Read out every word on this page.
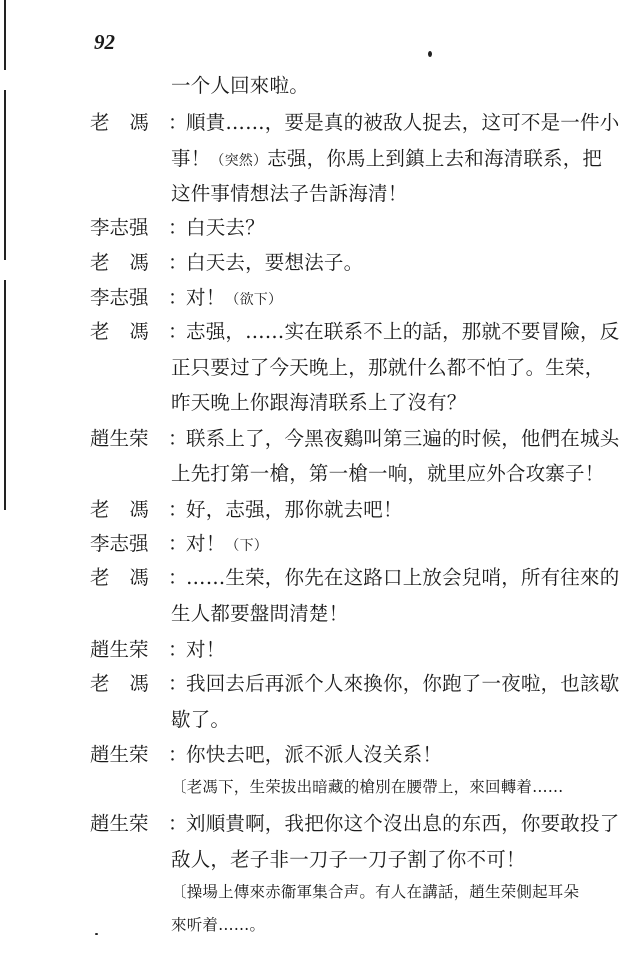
92
一个人回來啦。
老　馮 ：順貴……，要是真的被敌人捉去，这可不是一件小
事！（突然）志强，你馬上到鎮上去和海清联系，把
这件事情想法子告訴海清！
李志强 ：白天去？
老　馮 ：白天去，要想法子。
李志强 ：对！（欲下）
老　馮 ：志强，……实在联系不上的話，那就不要冒險，反
正只要过了今天晚上，那就什么都不怕了。生荣，
昨天晚上你跟海清联系上了沒有？
趙生荣 ：联系上了，今黑夜鷄叫第三遍的时候，他們在城头
上先打第一槍，第一槍一响，就里应外合攻寨子！
老　馮 ：好，志强，那你就去吧！
李志强 ：对！（下）
老　馮 ：……生荣，你先在这路口上放会兒哨，所有往來的
生人都要盤問清楚！
趙生荣 ：对！
老　馮 ：我回去后再派个人來換你，你跑了一夜啦，也該歇
歇了。
趙生荣 ：你快去吧，派不派人沒关系！
〔老馮下，生荣拔出暗藏的槍別在腰帶上，來回轉着……
趙生荣 ：刘順貴啊，我把你这个沒出息的东西，你要敢投了
敌人，老子非一刀子一刀子割了你不可！
〔操場上傳來赤衞軍集合声。有人在講話，趙生荣側起耳朵
來听着……。
